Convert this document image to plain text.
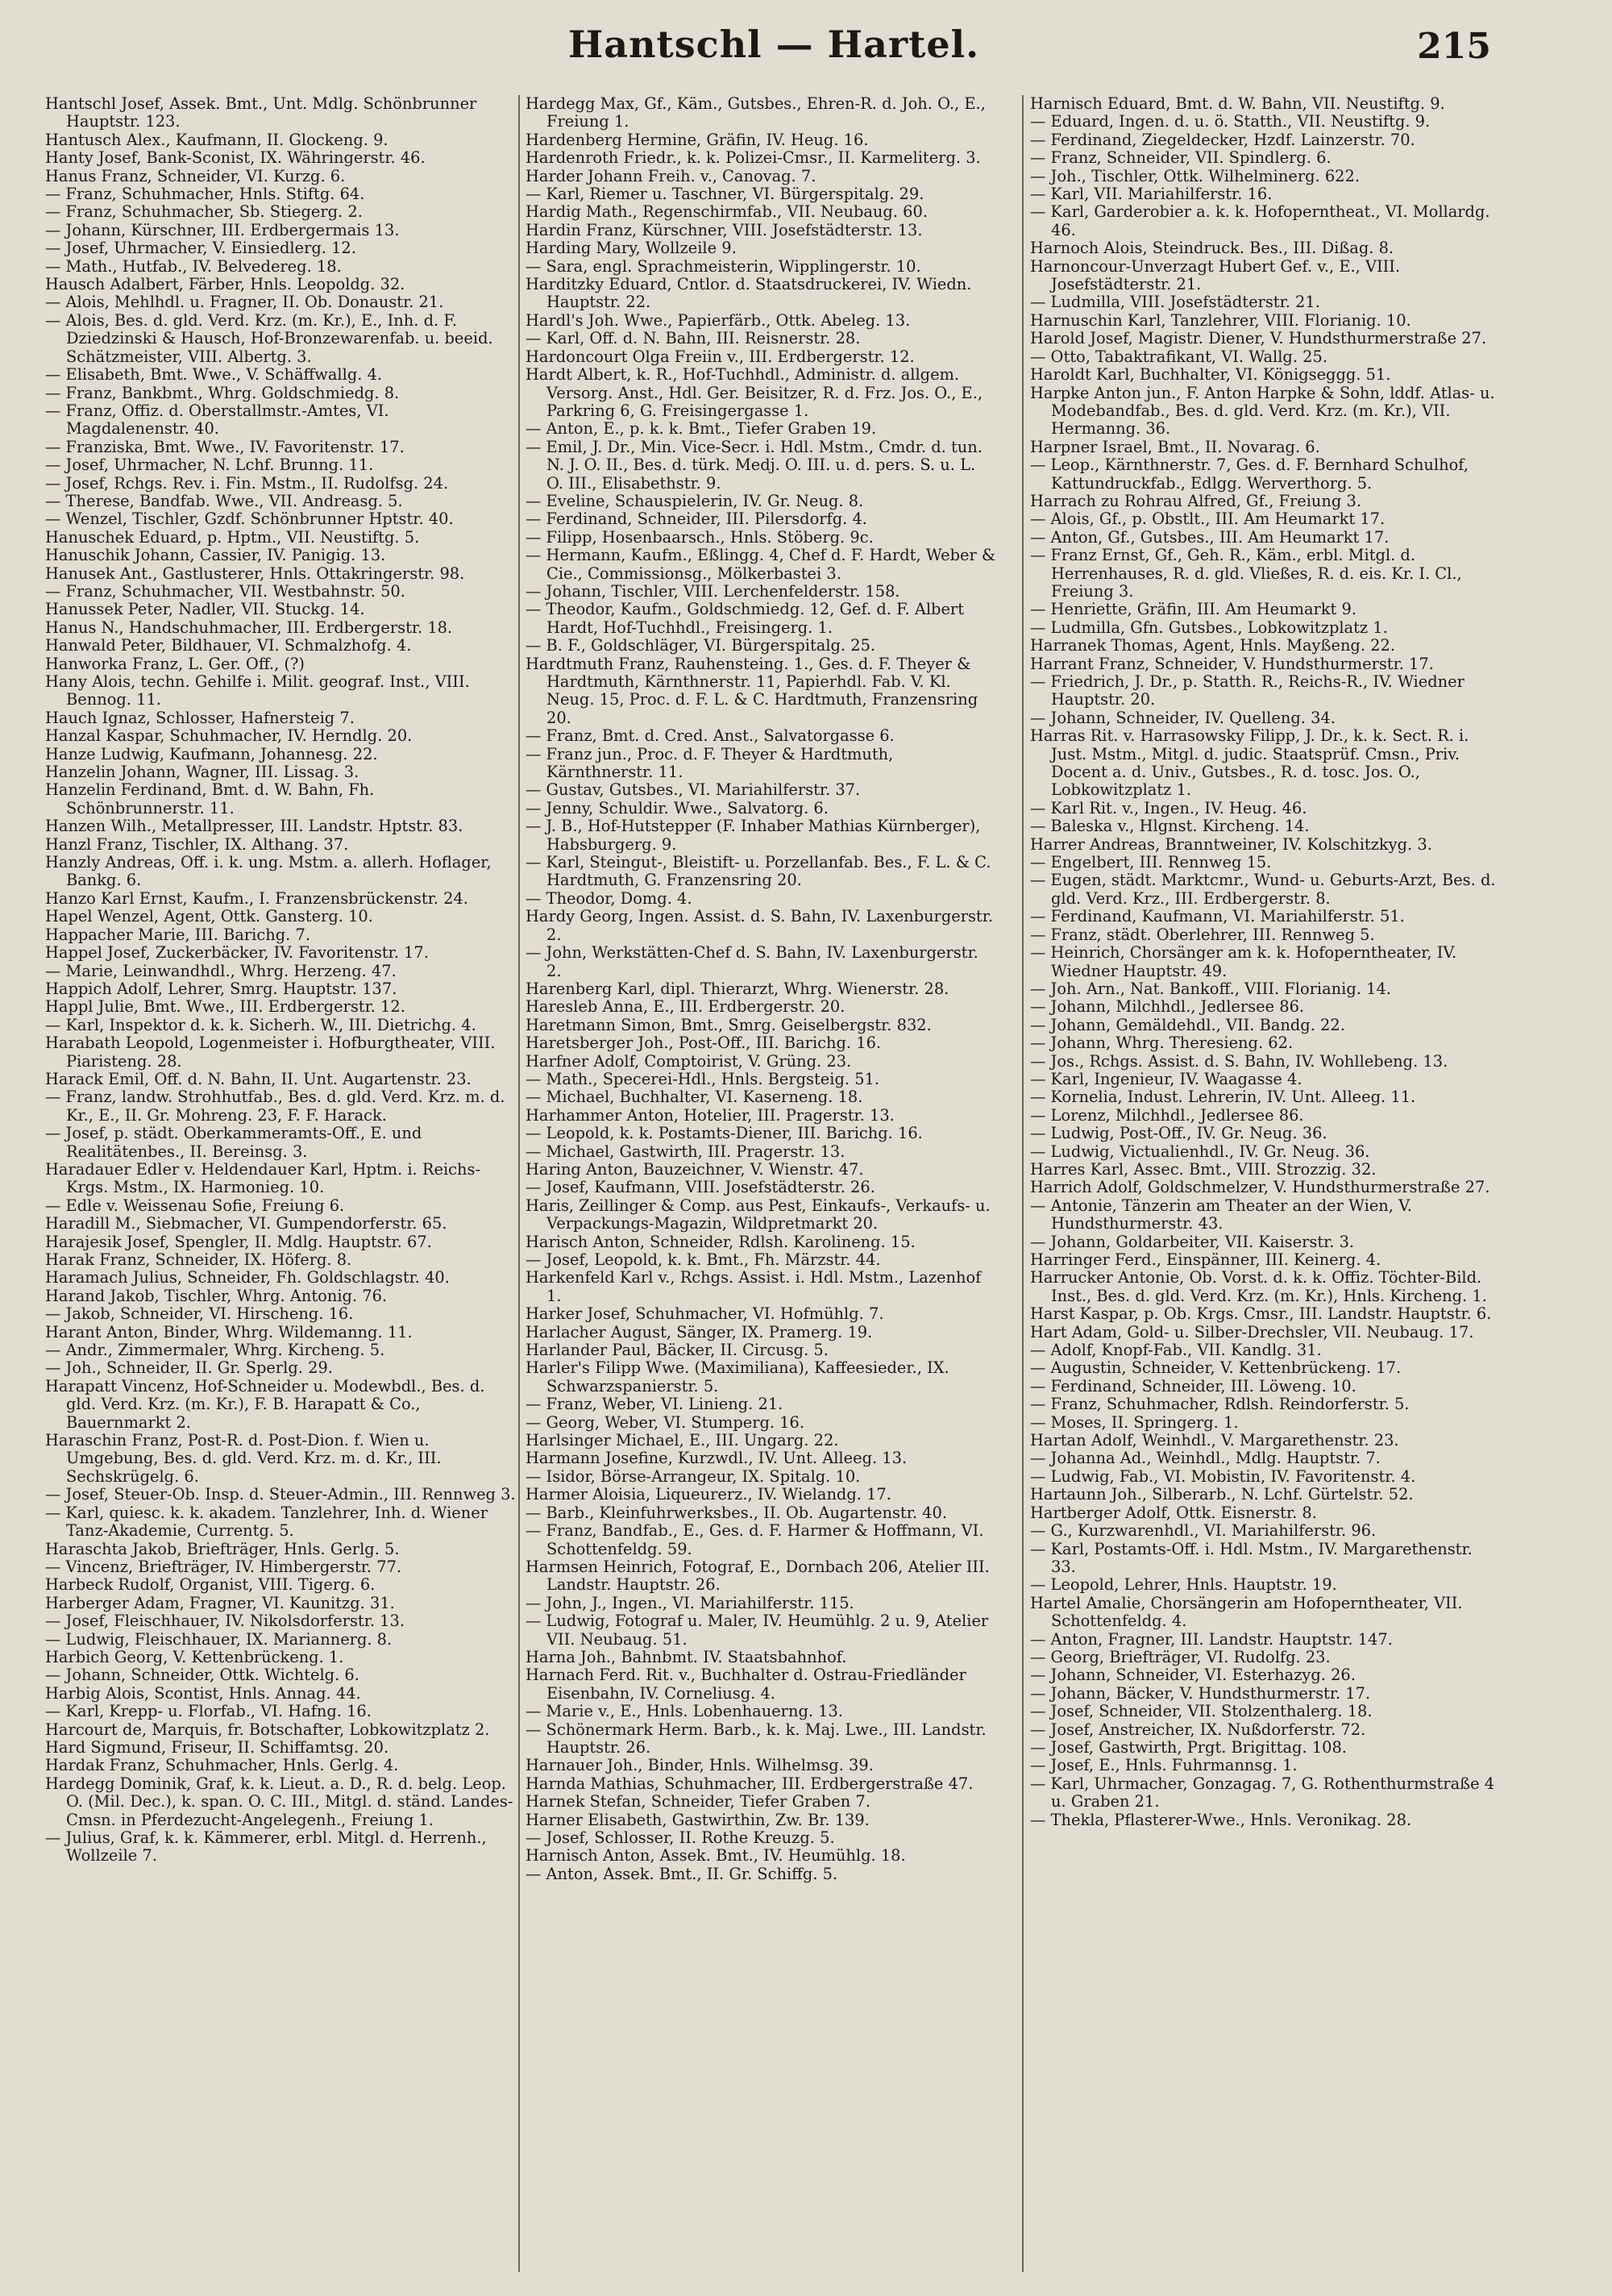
Hantschl — Hartel.	215

Hantschl Josef, Assek. Bmt., Unt. Mdlg. Schönbrunner Hauptstr. 123.

Hantusch Alex., Kaufmann, II. Glockeng. 9.

Hanty Josef, Bank-Sconist, IX. Währingerstr. 46.

Hanus Franz, Schneider, VI. Kurzg. 6.

— Franz, Schuhmacher, Hnls. Stiftg. 64.

— Franz, Schuhmacher, Sb. Stiegerg. 2.

— Johann, Kürschner, III. Erdbergermais 13.

— Josef, Uhrmacher, V. Einsiedlerg. 12.

— Math., Hutfab., IV. Belvedereg. 18.

Hausch Adalbert, Färber, Hnls. Leopoldg. 32.

— Alois, Mehlhdl. u. Fragner, II. Ob. Donaustr. 21.

— Alois, Bes. d. gld. Verd. Krz. (m. Kr.), E., Inh. d. F. Dziedzinski & Hausch, Hof-Bronzewarenfab. u. beeid. Schätzmeister, VIII. Albertg. 3.

— Elisabeth, Bmt. Wwe., V. Schäffwallg. 4.

— Franz, Bankbmt., Whrg. Goldschmiedg. 8.

— Franz, Offiz. d. Oberstallmstr.-Amtes, VI. Magdalenenstr. 40.

— Franziska, Bmt. Wwe., IV. Favoritenstr. 17.

— Josef, Uhrmacher, N. Lchf. Brunng. 11.

— Josef, Rchgs. Rev. i. Fin. Mstm., II. Rudolfsg. 24.

— Therese, Bandfab. Wwe., VII. Andreasg. 5.

— Wenzel, Tischler, Gzdf. Schönbrunner Hptstr. 40.

Hanuschek Eduard, p. Hptm., VII. Neustiftg. 5.

Hanuschik Johann, Cassier, IV. Panigig. 13.

Hanusek Ant., Gastlusterer, Hnls. Ottakringerstr. 98.

— Franz, Schuhmacher, VII. Westbahnstr. 50.

Hanussek Peter, Nadler, VII. Stuckg. 14.

Hanus N., Handschuhmacher, III. Erdbergerstr. 18.

Hanwald Peter, Bildhauer, VI. Schmalzhofg. 4.

Hanworka Franz, L. Ger. Off., (?)

Hany Alois, techn. Gehilfe i. Milit. geograf. Inst., VIII. Bennog. 11.

Hauch Ignaz, Schlosser, Hafnersteig 7.

Hanzal Kaspar, Schuhmacher, IV. Herndlg. 20.

Hanze Ludwig, Kaufmann, Johannesg. 22.

Hanzelin Johann, Wagner, III. Lissag. 3.

Hanzelin Ferdinand, Bmt. d. W. Bahn, Fh. Schönbrunnerstr. 11.

Hanzen Wilh., Metallpresser, III. Landstr. Hptstr. 83.

Hanzl Franz, Tischler, IX. Althang. 37.

Hanzly Andreas, Off. i. k. ung. Mstm. a. allerh. Hoflager, Bankg. 6.

Hanzo Karl Ernst, Kaufm., I. Franzensbrückenstr. 24.

Hapel Wenzel, Agent, Ottk. Gansterg. 10.

Happacher Marie, III. Barichg. 7.

Happel Josef, Zuckerbäcker, IV. Favoritenstr. 17.

— Marie, Leinwandhdl., Whrg. Herzeng. 47.

Happich Adolf, Lehrer, Smrg. Hauptstr. 137.

Happl Julie, Bmt. Wwe., III. Erdbergerstr. 12.

— Karl, Inspektor d. k. k. Sicherh. W., III. Dietrichg. 4.

Harabath Leopold, Logenmeister i. Hofburgtheater, VIII. Piaristeng. 28.

Harack Emil, Off. d. N. Bahn, II. Unt. Augartenstr. 23.

— Franz, landw. Strohhutfab., Bes. d. gld. Verd. Krz. m. d. Kr., E., II. Gr. Mohreng. 23, F. F. Harack.

— Josef, p. städt. Oberkammeramts-Off., E. und Realitätenbes., II. Bereinsg. 3.

Haradauer Edler v. Heldendauer Karl, Hptm. i. Reichs-Krgs. Mstm., IX. Harmonieg. 10.

— Edle v. Weissenau Sofie, Freiung 6.

Haradill M., Siebmacher, VI. Gumpendorferstr. 65.

Harajesik Josef, Spengler, II. Mdlg. Hauptstr. 67.

Harak Franz, Schneider, IX. Höferg. 8.

Haramach Julius, Schneider, Fh. Goldschlagstr. 40.

Harand Jakob, Tischler, Whrg. Antonig. 76.

— Jakob, Schneider, VI. Hirscheng. 16.

Harant Anton, Binder, Whrg. Wildemanng. 11.

— Andr., Zimmermaler, Whrg. Kircheng. 5.

— Joh., Schneider, II. Gr. Sperlg. 29.

Harapatt Vincenz, Hof-Schneider u. Modewbdl., Bes. d. gld. Verd. Krz. (m. Kr.), F. B. Harapatt & Co., Bauernmarkt 2.

Haraschin Franz, Post-R. d. Post-Dion. f. Wien u. Umgebung, Bes. d. gld. Verd. Krz. m. d. Kr., III. Sechskrügelg. 6.

— Josef, Steuer-Ob. Insp. d. Steuer-Admin., III. Rennweg 3.

— Karl, quiesc. k. k. akadem. Tanzlehrer, Inh. d. Wiener Tanz-Akademie, Currentg. 5.

Haraschta Jakob, Briefträger, Hnls. Gerlg. 5.

— Vincenz, Briefträger, IV. Himbergerstr. 77.

Harbeck Rudolf, Organist, VIII. Tigerg. 6.

Harberger Adam, Fragner, VI. Kaunitzg. 31.

— Josef, Fleischhauer, IV. Nikolsdorferstr. 13.

— Ludwig, Fleischhauer, IX. Mariannerg. 8.

Harbich Georg, V. Kettenbrückeng. 1.

— Johann, Schneider, Ottk. Wichtelg. 6.

Harbig Alois, Scontist, Hnls. Annag. 44.

— Karl, Krepp- u. Florfab., VI. Hafng. 16.

Harcourt de, Marquis, fr. Botschafter, Lobkowitzplatz 2.

Hard Sigmund, Friseur, II. Schiffamtsg. 20.

Hardak Franz, Schuhmacher, Hnls. Gerlg. 4.

Hardegg Dominik, Graf, k. k. Lieut. a. D., R. d. belg. Leop. O. (Mil. Dec.), k. span. O. C. III., Mitgl. d. ständ. Landes-Cmsn. in Pferdezucht-Angelegenh., Freiung 1.

— Julius, Graf, k. k. Kämmerer, erbl. Mitgl. d. Herrenh., Wollzeile 7.

Hardegg Max, Gf., Käm., Gutsbes., Ehren-R. d. Joh. O., E., Freiung 1.

Hardenberg Hermine, Gräfin, IV. Heug. 16.

Hardenroth Friedr., k. k. Polizei-Cmsr., II. Karmeliterg. 3.

Harder Johann Freih. v., Canovag. 7.

— Karl, Riemer u. Taschner, VI. Bürgerspitalg. 29.

Hardig Math., Regenschirmfab., VII. Neubaug. 60.

Hardin Franz, Kürschner, VIII. Josefstädterstr. 13.

Harding Mary, Wollzeile 9.

— Sara, engl. Sprachmeisterin, Wipplingerstr. 10.

Harditzky Eduard, Cntlor. d. Staatsdruckerei, IV. Wiedn. Hauptstr. 22.

Hardl's Joh. Wwe., Papierfärb., Ottk. Abeleg. 13.

— Karl, Off. d. N. Bahn, III. Reisnerstr. 28.

Hardoncourt Olga Freiin v., III. Erdbergerstr. 12.

Hardt Albert, k. R., Hof-Tuchhdl., Administr. d. allgem. Versorg. Anst., Hdl. Ger. Beisitzer, R. d. Frz. Jos. O., E., Parkring 6, G. Freisingergasse 1.

— Anton, E., p. k. k. Bmt., Tiefer Graben 19.

— Emil, J. Dr., Min. Vice-Secr. i. Hdl. Mstm., Cmdr. d. tun. N. J. O. II., Bes. d. türk. Medj. O. III. u. d. pers. S. u. L. O. III., Elisabethstr. 9.

— Eveline, Schauspielerin, IV. Gr. Neug. 8.

— Ferdinand, Schneider, III. Pilersdorfg. 4.

— Filipp, Hosenbaarsch., Hnls. Stöberg. 9c.

— Hermann, Kaufm., Eßlingg. 4, Chef d. F. Hardt, Weber & Cie., Commissionsg., Mölkerbastei 3.

— Johann, Tischler, VIII. Lerchenfelderstr. 158.

— Theodor, Kaufm., Goldschmiedg. 12, Gef. d. F. Albert Hardt, Hof-Tuchhdl., Freisingerg. 1.

— B. F., Goldschläger, VI. Bürgerspitalg. 25.

Hardtmuth Franz, Rauhensteing. 1., Ges. d. F. Theyer & Hardtmuth, Kärnthnerstr. 11, Papierhdl. Fab. V. Kl. Neug. 15, Proc. d. F. L. & C. Hardtmuth, Franzensring 20.

— Franz, Bmt. d. Cred. Anst., Salvatorgasse 6.

— Franz jun., Proc. d. F. Theyer & Hardtmuth, Kärnthnerstr. 11.

— Gustav, Gutsbes., VI. Mariahilferstr. 37.

— Jenny, Schuldir. Wwe., Salvatorg. 6.

— J. B., Hof-Hutstepper (F. Inhaber Mathias Kürnberger), Habsburgerg. 9.

— Karl, Steingut-, Bleistift- u. Porzellanfab. Bes., F. L. & C. Hardtmuth, G. Franzensring 20.

— Theodor, Domg. 4.

Hardy Georg, Ingen. Assist. d. S. Bahn, IV. Laxenburgerstr. 2.

— John, Werkstätten-Chef d. S. Bahn, IV. Laxenburgerstr. 2.

Harenberg Karl, dipl. Thierarzt, Whrg. Wienerstr. 28.

Haresleb Anna, E., III. Erdbergerstr. 20.

Haretmann Simon, Bmt., Smrg. Geiselbergstr. 832.

Haretsberger Joh., Post-Off., III. Barichg. 16.

Harfner Adolf, Comptoirist, V. Grüng. 23.

— Math., Specerei-Hdl., Hnls. Bergsteig. 51.

— Michael, Buchhalter, VI. Kaserneng. 18.

Harhammer Anton, Hotelier, III. Pragerstr. 13.

— Leopold, k. k. Postamts-Diener, III. Barichg. 16.

— Michael, Gastwirth, III. Pragerstr. 13.

Haring Anton, Bauzeichner, V. Wienstr. 47.

— Josef, Kaufmann, VIII. Josefstädterstr. 26.

Haris, Zeillinger & Comp. aus Pest, Einkaufs-, Verkaufs- u. Verpackungs-Magazin, Wildpretmarkt 20.

Harisch Anton, Schneider, Rdlsh. Karolineng. 15.

— Josef, Leopold, k. k. Bmt., Fh. Märzstr. 44.

Harkenfeld Karl v., Rchgs. Assist. i. Hdl. Mstm., Lazenhof 1.

Harker Josef, Schuhmacher, VI. Hofmühlg. 7.

Harlacher August, Sänger, IX. Pramerg. 19.

Harlander Paul, Bäcker, II. Circusg. 5.

Harler's Filipp Wwe. (Maximiliana), Kaffeesieder., IX. Schwarzspanierstr. 5.

— Franz, Weber, VI. Linieng. 21.

— Georg, Weber, VI. Stumperg. 16.

Harlsinger Michael, E., III. Ungarg. 22.

Harmann Josefine, Kurzwdl., IV. Unt. Alleeg. 13.

— Isidor, Börse-Arrangeur, IX. Spitalg. 10.

Harmer Aloisia, Liqueurerz., IV. Wielandg. 17.

— Barb., Kleinfuhrwerksbes., II. Ob. Augartenstr. 40.

— Franz, Bandfab., E., Ges. d. F. Harmer & Hoffmann, VI. Schottenfeldg. 59.

Harmsen Heinrich, Fotograf, E., Dornbach 206, Atelier III. Landstr. Hauptstr. 26.

— John, J., Ingen., VI. Mariahilferstr. 115.

— Ludwig, Fotograf u. Maler, IV. Heumühlg. 2 u. 9, Atelier VII. Neubaug. 51.

Harna Joh., Bahnbmt. IV. Staatsbahnhof.

Harnach Ferd. Rit. v., Buchhalter d. Ostrau-Friedländer Eisenbahn, IV. Corneliusg. 4.

— Marie v., E., Hnls. Lobenhauerng. 13.

— Schönermark Herm. Barb., k. k. Maj. Lwe., III. Landstr. Hauptstr. 26.

Harnauer Joh., Binder, Hnls. Wilhelmsg. 39.

Harnda Mathias, Schuhmacher, III. Erdbergerstraße 47.

Harnek Stefan, Schneider, Tiefer Graben 7.

Harner Elisabeth, Gastwirthin, Zw. Br. 139.

— Josef, Schlosser, II. Rothe Kreuzg. 5.

Harnisch Anton, Assek. Bmt., IV. Heumühlg. 18.

— Anton, Assek. Bmt., II. Gr. Schiffg. 5.

Harnisch Eduard, Bmt. d. W. Bahn, VII. Neustiftg. 9.

— Eduard, Ingen. d. u. ö. Statth., VII. Neustiftg. 9.

— Ferdinand, Ziegeldecker, Hzdf. Lainzerstr. 70.

— Franz, Schneider, VII. Spindlerg. 6.

— Joh., Tischler, Ottk. Wilhelminerg. 622.

— Karl, VII. Mariahilferstr. 16.

— Karl, Garderobier a. k. k. Hofoperntheat., VI. Mollardg. 46.

Harnoch Alois, Steindruck. Bes., III. Dißag. 8.

Harnoncour-Unverzagt Hubert Gef. v., E., VIII. Josefstädterstr. 21.

— Ludmilla, VIII. Josefstädterstr. 21.

Harnuschin Karl, Tanzlehrer, VIII. Florianig. 10.

Harold Josef, Magistr. Diener, V. Hundsthurmerstraße 27.

— Otto, Tabaktrafikant, VI. Wallg. 25.

Haroldt Karl, Buchhalter, VI. Königseggg. 51.

Harpke Anton jun., F. Anton Harpke & Sohn, lddf. Atlas- u. Modebandfab., Bes. d. gld. Verd. Krz. (m. Kr.), VII. Hermanng. 36.

Harpner Israel, Bmt., II. Novarag. 6.

— Leop., Kärnthnerstr. 7, Ges. d. F. Bernhard Schulhof, Kattundruckfab., Edlgg. Werverthorg. 5.

Harrach zu Rohrau Alfred, Gf., Freiung 3.

— Alois, Gf., p. Obstlt., III. Am Heumarkt 17.

— Anton, Gf., Gutsbes., III. Am Heumarkt 17.

— Franz Ernst, Gf., Geh. R., Käm., erbl. Mitgl. d. Herrenhauses, R. d. gld. Vließes, R. d. eis. Kr. I. Cl., Freiung 3.

— Henriette, Gräfin, III. Am Heumarkt 9.

— Ludmilla, Gfn. Gutsbes., Lobkowitzplatz 1.

Harranek Thomas, Agent, Hnls. Mayßeng. 22.

Harrant Franz, Schneider, V. Hundsthurmerstr. 17.

— Friedrich, J. Dr., p. Statth. R., Reichs-R., IV. Wiedner Hauptstr. 20.

— Johann, Schneider, IV. Quelleng. 34.

Harras Rit. v. Harrasowsky Filipp, J. Dr., k. k. Sect. R. i. Just. Mstm., Mitgl. d. judic. Staatsprüf. Cmsn., Priv. Docent a. d. Univ., Gutsbes., R. d. tosc. Jos. O., Lobkowitzplatz 1.

— Karl Rit. v., Ingen., IV. Heug. 46.

— Baleska v., Hlgnst. Kircheng. 14.

Harrer Andreas, Branntweiner, IV. Kolschitzkyg. 3.

— Engelbert, III. Rennweg 15.

— Eugen, städt. Marktcmr., Wund- u. Geburts-Arzt, Bes. d. gld. Verd. Krz., III. Erdbergerstr. 8.

— Ferdinand, Kaufmann, VI. Mariahilferstr. 51.

— Franz, städt. Oberlehrer, III. Rennweg 5.

— Heinrich, Chorsänger am k. k. Hofoperntheater, IV. Wiedner Hauptstr. 49.

— Joh. Arn., Nat. Bankoff., VIII. Florianig. 14.

— Johann, Milchhdl., Jedlersee 86.

— Johann, Gemäldehdl., VII. Bandg. 22.

— Johann, Whrg. Theresieng. 62.

— Jos., Rchgs. Assist. d. S. Bahn, IV. Wohllebeng. 13.

— Karl, Ingenieur, IV. Waagasse 4.

— Kornelia, Indust. Lehrerin, IV. Unt. Alleeg. 11.

— Lorenz, Milchhdl., Jedlersee 86.

— Ludwig, Post-Off., IV. Gr. Neug. 36.

— Ludwig, Victualienhdl., IV. Gr. Neug. 36.

Harres Karl, Assec. Bmt., VIII. Strozzig. 32.

Harrich Adolf, Goldschmelzer, V. Hundsthurmerstraße 27.

— Antonie, Tänzerin am Theater an der Wien, V. Hundsthurmerstr. 43.

— Johann, Goldarbeiter, VII. Kaiserstr. 3.

Harringer Ferd., Einspänner, III. Keinerg. 4.

Harrucker Antonie, Ob. Vorst. d. k. k. Offiz. Töchter-Bild. Inst., Bes. d. gld. Verd. Krz. (m. Kr.), Hnls. Kircheng. 1.

Harst Kaspar, p. Ob. Krgs. Cmsr., III. Landstr. Hauptstr. 6.

Hart Adam, Gold- u. Silber-Drechsler, VII. Neubaug. 17.

— Adolf, Knopf-Fab., VII. Kandlg. 31.

— Augustin, Schneider, V. Kettenbrückeng. 17.

— Ferdinand, Schneider, III. Löweng. 10.

— Franz, Schuhmacher, Rdlsh. Reindorferstr. 5.

— Moses, II. Springerg. 1.

Hartan Adolf, Weinhdl., V. Margarethenstr. 23.

— Johanna Ad., Weinhdl., Mdlg. Hauptstr. 7.

— Ludwig, Fab., VI. Mobistin, IV. Favoritenstr. 4.

Hartaunn Joh., Silberarb., N. Lchf. Gürtelstr. 52.

Hartberger Adolf, Ottk. Eisnerstr. 8.

— G., Kurzwarenhdl., VI. Mariahilferstr. 96.

— Karl, Postamts-Off. i. Hdl. Mstm., IV. Margarethenstr. 33.

— Leopold, Lehrer, Hnls. Hauptstr. 19.

Hartel Amalie, Chorsängerin am Hofoperntheater, VII. Schottenfeldg. 4.

— Anton, Fragner, III. Landstr. Hauptstr. 147.

— Georg, Briefträger, VI. Rudolfg. 23.

— Johann, Schneider, VI. Esterhazyg. 26.

— Johann, Bäcker, V. Hundsthurmerstr. 17.

— Josef, Schneider, VII. Stolzenthalerg. 18.

— Josef, Anstreicher, IX. Nußdorferstr. 72.

— Josef, Gastwirth, Prgt. Brigittag. 108.

— Josef, E., Hnls. Fuhrmannsg. 1.

— Karl, Uhrmacher, Gonzagag. 7, G. Rothenthurmstraße 4 u. Graben 21.

— Thekla, Pflasterer-Wwe., Hnls. Veronikag. 28.
